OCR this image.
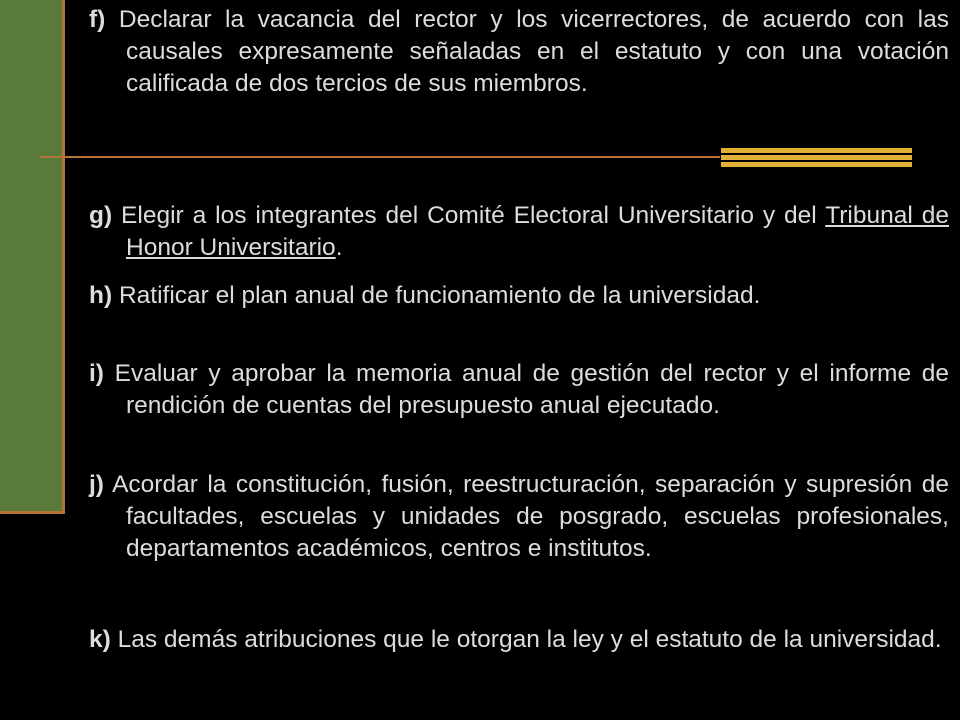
f) Declarar la vacancia del rector y los vicerrectores, de acuerdo con las causales expresamente señaladas en el estatuto y con una votación calificada de dos tercios de sus miembros.

g) Elegir a los integrantes del Comité Electoral Universitario y del Tribunal de Honor Universitario.

h) Ratificar el plan anual de funcionamiento de la universidad.

i) Evaluar y aprobar la memoria anual de gestión del rector y el informe de rendición de cuentas del presupuesto anual ejecutado.

j) Acordar la constitución, fusión, reestructuración, separación y supresión de facultades, escuelas y unidades de posgrado, escuelas profesionales, departamentos académicos, centros e institutos.

k) Las demás atribuciones que le otorgan la ley y el estatuto de la universidad.
